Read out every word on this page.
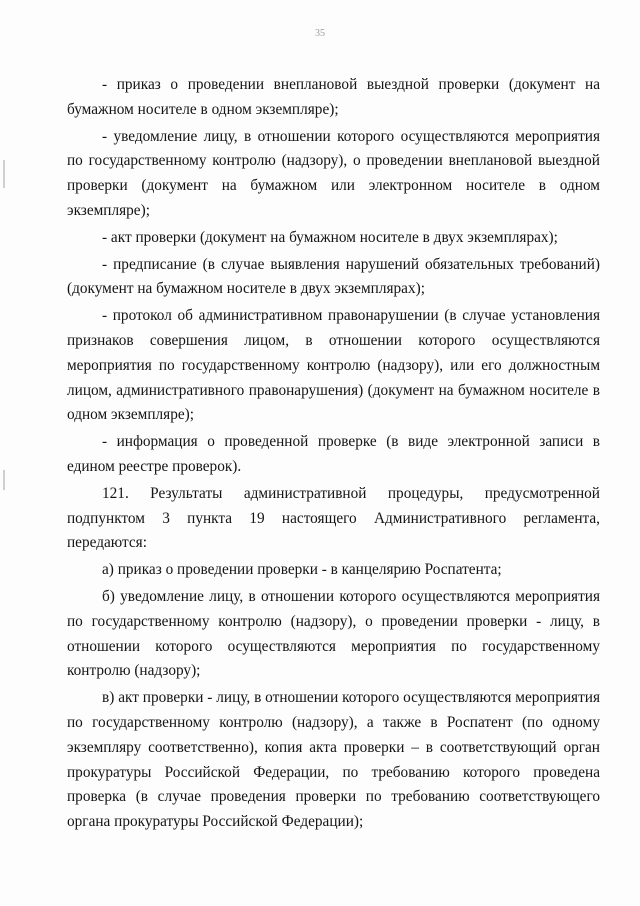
35

- приказ о проведении внеплановой выездной проверки (документ на бумажном носителе в одном экземпляре);

- уведомление лицу, в отношении которого осуществляются мероприятия по государственному контролю (надзору), о проведении внеплановой выездной проверки (документ на бумажном или электронном носителе в одном экземпляре);

- акт проверки (документ на бумажном носителе в двух экземплярах);

- предписание (в случае выявления нарушений обязательных требований) (документ на бумажном носителе в двух экземплярах);

- протокол об административном правонарушении (в случае установления признаков совершения лицом, в отношении которого осуществляются мероприятия по государственному контролю (надзору), или его должностным лицом, административного правонарушения) (документ на бумажном носителе в одном экземпляре);

- информация о проведенной проверке (в виде электронной записи в едином реестре проверок).

121. Результаты административной процедуры, предусмотренной подпунктом 3 пункта 19 настоящего Административного регламента, передаются:

а) приказ о проведении проверки - в канцелярию Роспатента;

б) уведомление лицу, в отношении которого осуществляются мероприятия по государственному контролю (надзору), о проведении проверки - лицу, в отношении которого осуществляются мероприятия по государственному контролю (надзору);

в) акт проверки - лицу, в отношении которого осуществляются мероприятия по государственному контролю (надзору), а также в Роспатент (по одному экземпляру соответственно), копия акта проверки – в соответствующий орган прокуратуры Российской Федерации, по требованию которого проведена проверка (в случае проведения проверки по требованию соответствующего органа прокуратуры Российской Федерации);
